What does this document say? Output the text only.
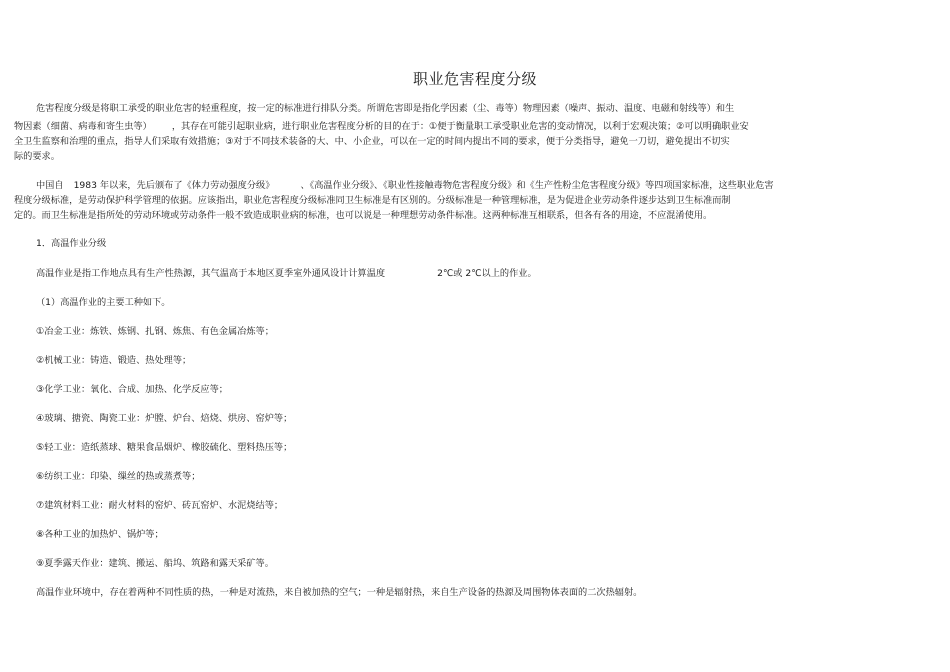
职业危害程度分级
危害程度分级是将职工承受的职业危害的轻重程度，按一定的标准进行排队分类。所谓危害即是指化学因素（尘、毒等）物理因素（噪声、振动、温度、电磁和射线等）和生
物因素（细菌、病毒和寄生虫等） ，其存在可能引起职业病，进行职业危害程度分析的目的在于：①便于衡量职工承受职业危害的变动情况，以利于宏观决策；②可以明确职业安
全卫生监察和治理的重点，指导人们采取有效措施；③对于不同技术装备的大、中、小企业，可以在一定的时间内提出不同的要求，便于分类指导，避免一刀切，避免提出不切实
际的要求。
中国自 1983 年以来，先后颁布了《体力劳动强度分级》	、《高温作业分级》、《职业性接触毒物危害程度分级》和《生产性粉尘危害程度分级》等四项国家标准，这些职业危害
程度分级标准，是劳动保护科学管理的依据。应该指出，职业危害程度分级标准同卫生标准是有区别的。分级标准是一种管理标准，是为促进企业劳动条件逐步达到卫生标准而制
定的。而卫生标准是指所处的劳动环境或劳动条件一般不致造成职业病的标准，也可以说是一种理想劳动条件标准。这两种标准互相联系，但各有各的用途，不应混淆使用。
1．高温作业分级
高温作业是指工作地点具有生产性热源，其气温高于本地区夏季室外通风设计计算温度	2℃或 2℃以上的作业。
（1）高温作业的主要工种如下。
①冶金工业：炼铁、炼钢、扎钢、炼焦、有色金属冶炼等；
②机械工业：铸造、锻造、热处理等；
③化学工业：氧化、合成、加热、化学反应等；
④玻璃、搪瓷、陶瓷工业：炉膛、炉台、焙烧、烘房、窑炉等；
⑤轻工业：造纸蒸球、糖果食品烟炉、橡胶硫化、塑料热压等；
⑥纺织工业：印染、缫丝的热或蒸煮等；
⑦建筑材料工业：耐火材料的窑炉、砖瓦窑炉、水泥烧结等；
⑧各种工业的加热炉、锅炉等；
⑨夏季露天作业：建筑、搬运、船坞、筑路和露天采矿等。
高温作业环境中，存在着两种不同性质的热，一种是对流热，来自被加热的空气；一种是辐射热，来自生产设备的热源及周围物体表面的二次热辐射。
